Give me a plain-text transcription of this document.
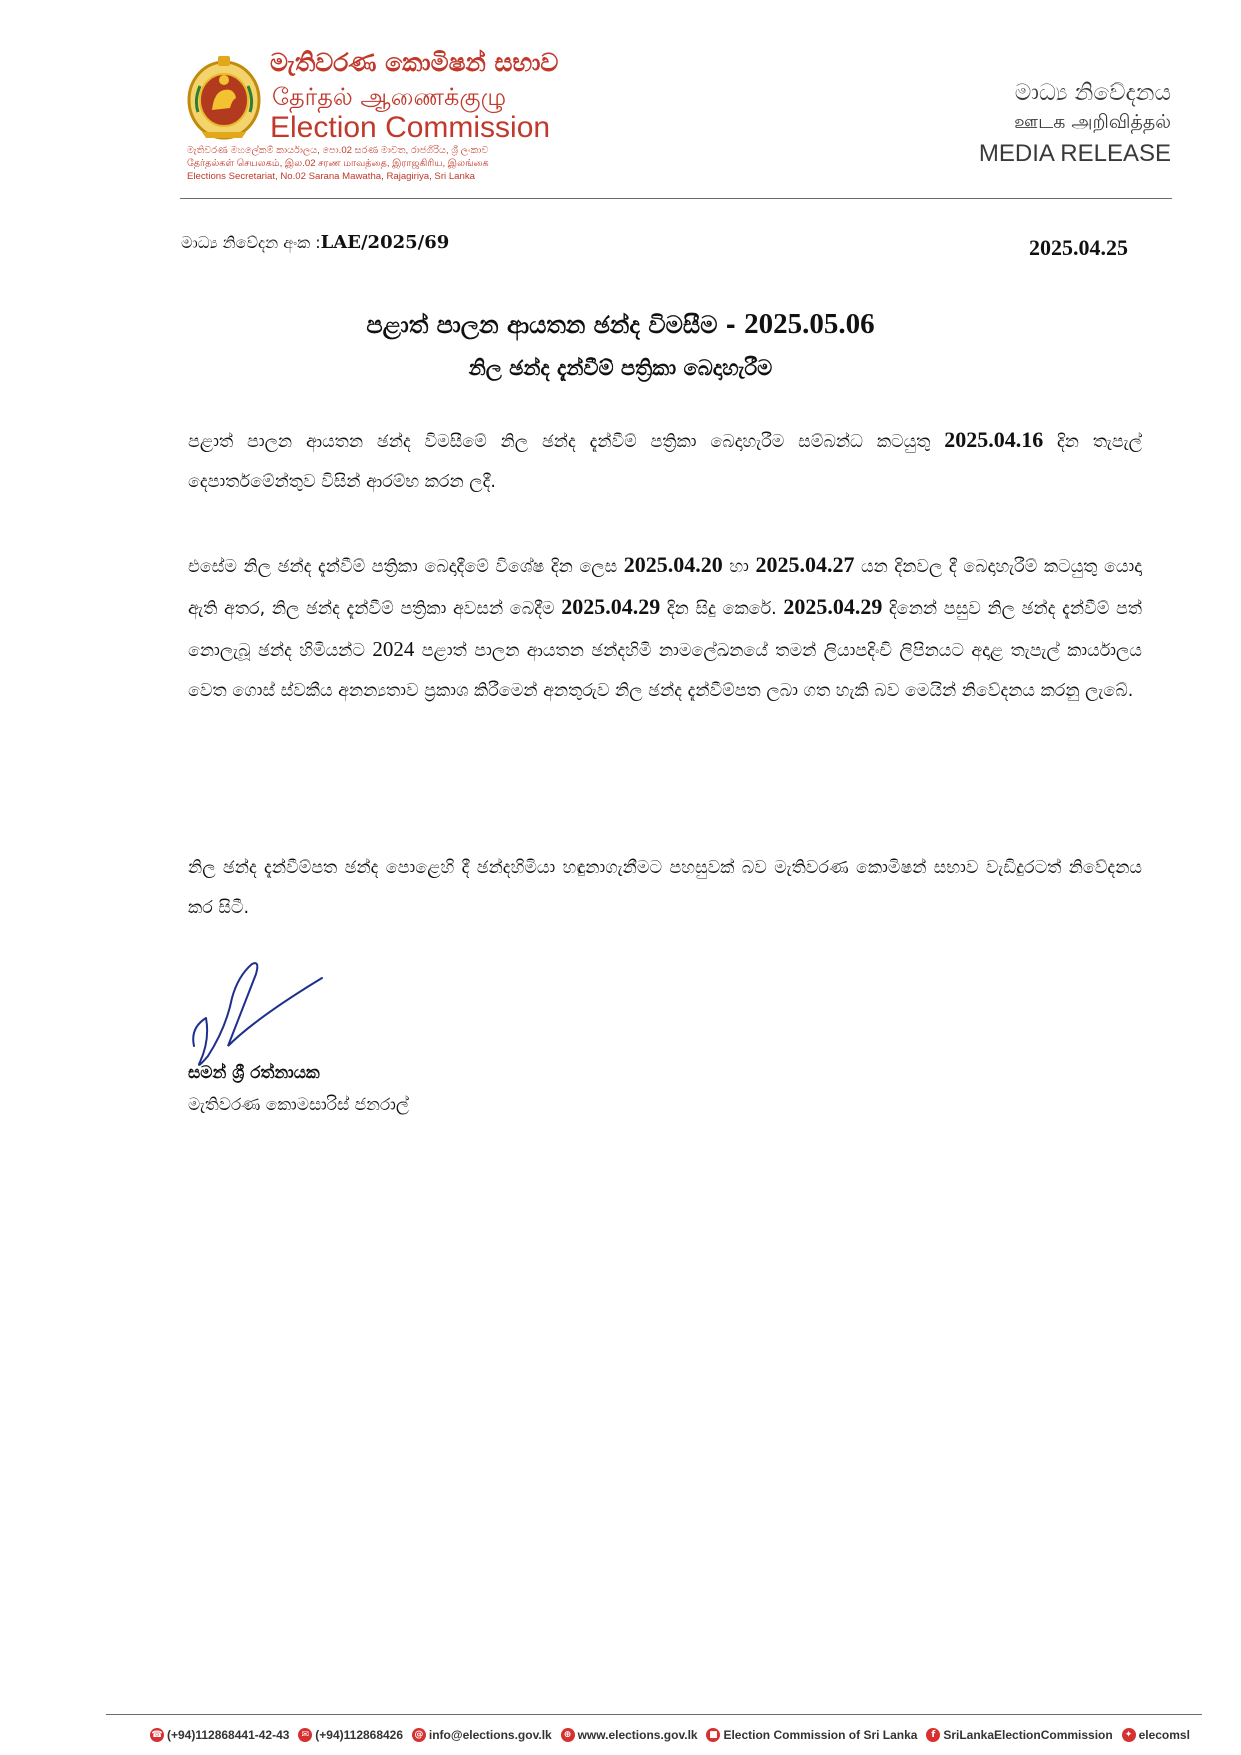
මැතිවරණ කොමිෂන් සභාව
தேர்தல் ஆணைக்குழு
Election Commission
මැතිවරණ මහලේකම් කාර්යාලය, පො.02 සරණ මාවත, රාජගිරිය, ශ්‍රී ලංකාව
தேர்தல்கள் செயலகம், இல.02 சரண மாவத்தை, இராஜகிரிய, இலங்கை
Elections Secretariat, No.02 Sarana Mawatha, Rajagiriya, Sri Lanka
මාධ්‍ය නිවේදනය
ஊடக அறிவித்தல்
MEDIA RELEASE
මාධ්‍ය නිවේදන අංක :LAE/2025/69	2025.04.25
පළාත් පාලන ආයතන ඡන්ද විමසීම - 2025.05.06
නිල ඡන්ද දැන්වීම් පත්‍රිකා බෙදාහැරීම
පළාත් පාලන ආයතන ඡන්ද විමසීමේ නිල ඡන්ද දැන්වීම් පත්‍රිකා බෙදාහැරීම සම්බන්ධ කටයුතු 2025.04.16 දින තැපැල් දෙපාර්තමේන්තුව විසින් ආරම්භ කරන ලදී.
එසේම නිල ඡන්ද දැන්වීම් පත්‍රිකා බෙදාදීමේ විශේෂ දින ලෙස 2025.04.20 හා 2025.04.27 යන දිනවල දී බෙදාහැරීම් කටයුතු යොදා ඇති අතර, නිල ඡන්ද දැන්වීම් පත්‍රිකා අවසන් බෙදීම 2025.04.29 දින සිදු කෙරේ. 2025.04.29 දිනෙන් පසුව නිල ඡන්ද දැන්වීම් පත් නොලැබූ ඡන්ද හිමියන්ට 2024 පළාත් පාලන ආයතන ඡන්දහිමි නාමලේඛනයේ තමන් ලියාපදිංචි ලිපිනයට අදාළ තැපැල් කාර්යාලය වෙත ගොස් ස්වකීය අනන්‍යතාව ප්‍රකාශ කිරීමෙන් අනතුරුව නිල ඡන්ද දැන්වීම්පත ලබා ගත හැකි බව මෙයින් නිවේදනය කරනු ලැබේ.
නිල ඡන්ද දැන්වීම්පත ඡන්ද පොළෙහි දී ඡන්දහිමියා හඳුනාගැනීමට පහසුවක් බව මැතිවරණ කොමිෂන් සභාව වැඩිදුරටත් නිවේදනය කර සිටී.
සමන් ශ්‍රී රත්නායක
මැතිවරණ කොමසාරිස් ජනරාල්
☎ (+94)112868441-42-43	✉ (+94)112868426 @ info@elections.gov.lk	⊕ www.elections.gov.lk	■ Election Commission of Sri Lanka	f SriLankaElectionCommission	✦ elecomsl
